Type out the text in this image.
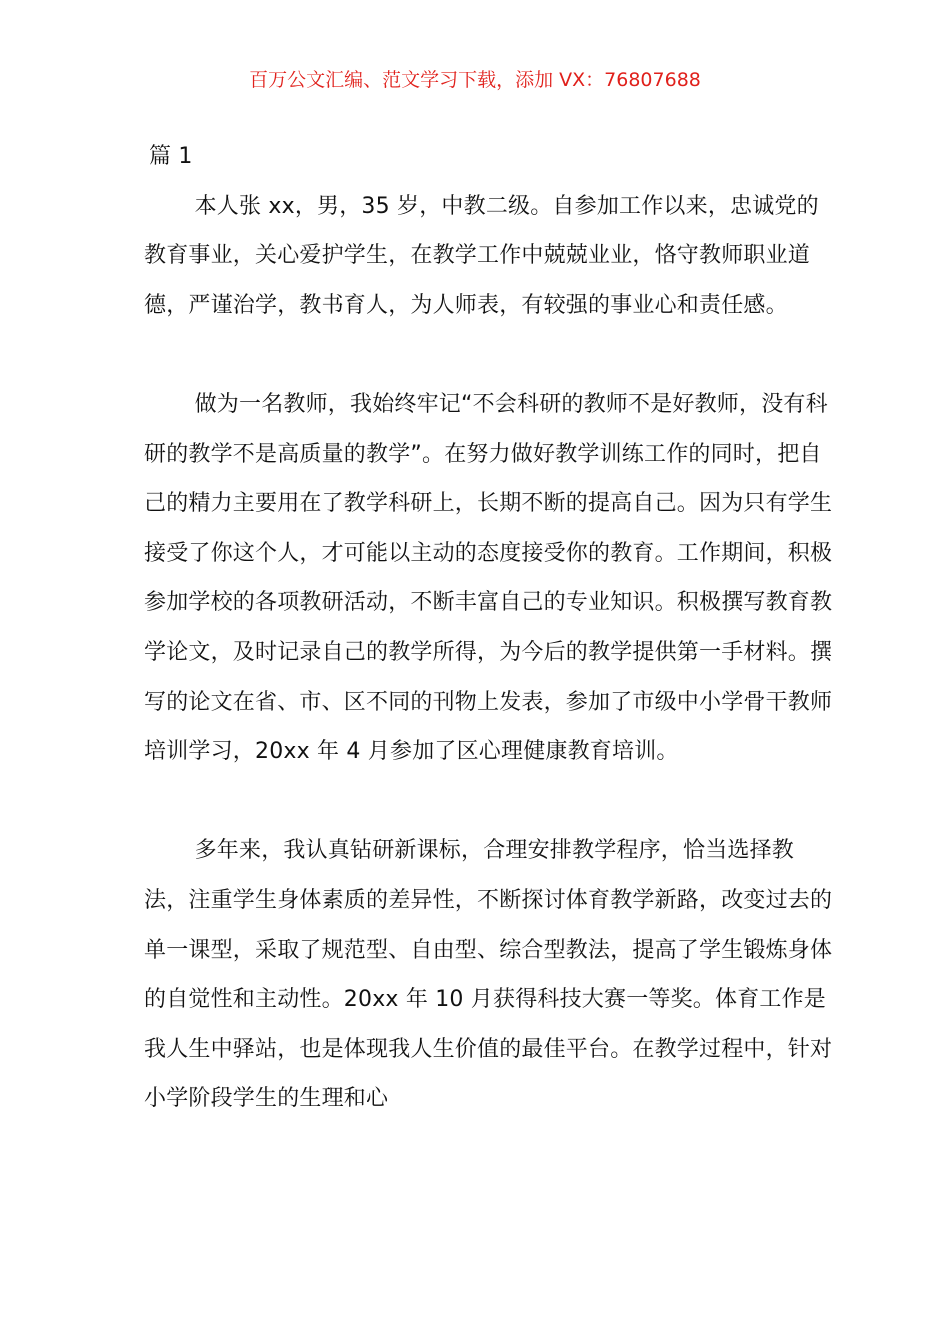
百万公文汇编、范文学习下载，添加 VX：76807688

篇 1

本人张 xx，男，35 岁，中教二级。自参加工作以来，忠诚党的教育事业，关心爱护学生，在教学工作中兢兢业业，恪守教师职业道德，严谨治学，教书育人，为人师表，有较强的事业心和责任感。

做为一名教师，我始终牢记“不会科研的教师不是好教师，没有科研的教学不是高质量的教学”。在努力做好教学训练工作的同时，把自己的精力主要用在了教学科研上，长期不断的提高自己。因为只有学生接受了你这个人，才可能以主动的态度接受你的教育。工作期间，积极参加学校的各项教研活动，不断丰富自己的专业知识。积极撰写教育教学论文，及时记录自己的教学所得，为今后的教学提供第一手材料。撰写的论文在省、市、区不同的刊物上发表，参加了市级中小学骨干教师培训学习，20xx 年 4 月参加了区心理健康教育培训。

多年来，我认真钻研新课标，合理安排教学程序，恰当选择教法，注重学生身体素质的差异性，不断探讨体育教学新路，改变过去的单一课型，采取了规范型、自由型、综合型教法，提高了学生锻炼身体的自觉性和主动性。20xx 年 10 月获得科技大赛一等奖。体育工作是我人生中驿站，也是体现我人生价值的最佳平台。在教学过程中，针对小学阶段学生的生理和心
